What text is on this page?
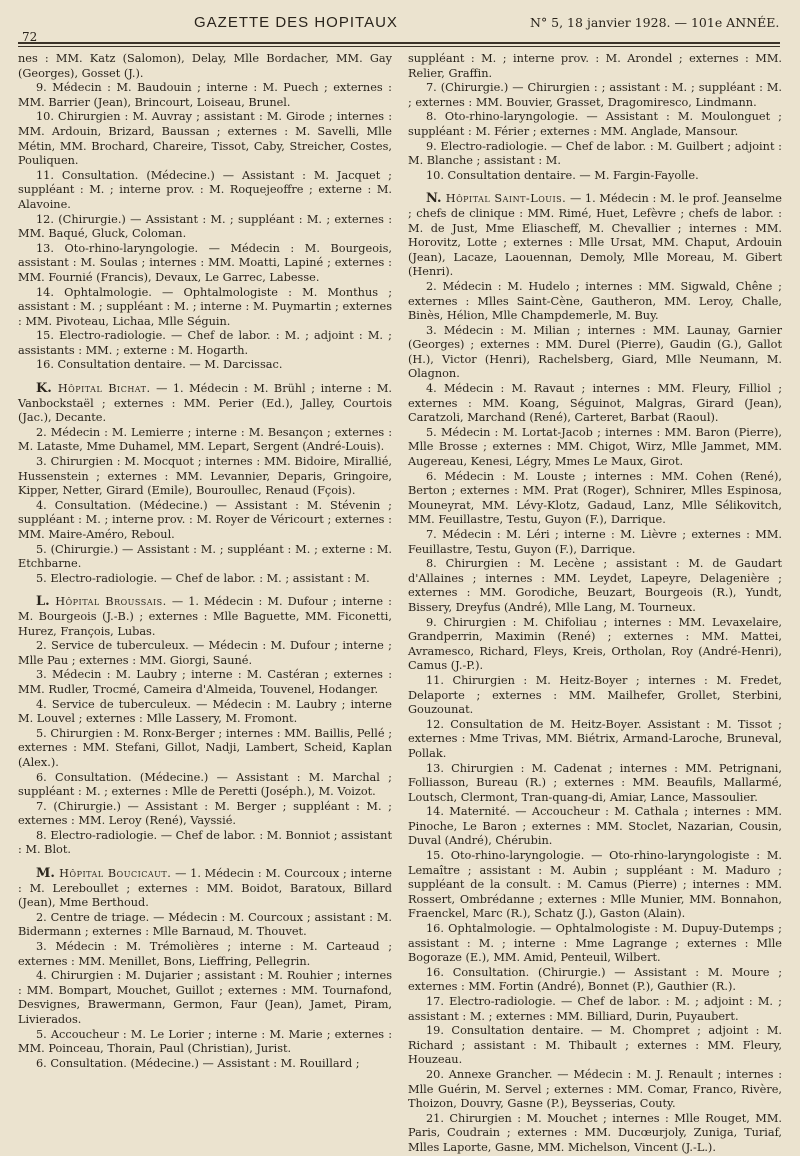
72
GAZETTE DES HOPITAUX	N° 5, 18 janvier 1928. — 101e ANNÉE.

nes : MM. Katz (Salomon), Delay, Mlle Bordacher, MM. Gay (Georges), Gosset (J.).

9. Médecin : M. Baudouin ; interne : M. Puech ; externes : MM. Barrier (Jean), Brincourt, Loiseau, Brunel.

10. Chirurgien : M. Auvray ; assistant : M. Girode ; internes : MM. Ardouin, Brizard, Baussan ; externes : M. Savelli, Mlle Métin, MM. Brochard, Chareire, Tissot, Caby, Streicher, Costes, Pouliquen.

11. Consultation. (Médecine.) — Assistant : M. Jacquet ; suppléant : M. ; interne prov. : M. Roquejeoffre ; externe : M. Alavoine.

12. (Chirurgie.) — Assistant : M. ; suppléant : M. ; externes : MM. Baqué, Gluck, Coloman.

13. Oto-rhino-laryngologie. — Médecin : M. Bourgeois, assistant : M. Soulas ; internes : MM. Moatti, Lapiné ; externes : MM. Fournié (Francis), Devaux, Le Garrec, Labesse.

14. Ophtalmologie. — Ophtalmologiste : M. Monthus ; assistant : M. ; suppléant : M. ; interne : M. Puymartin ; externes : MM. Pivoteau, Lichaa, Mlle Séguin.

15. Electro-radiologie. — Chef de labor. : M. ; adjoint : M. ; assistants : MM. ; externe : M. Hogarth.

16. Consultation dentaire. — M. Darcissac.

K. Hôpital Bichat. — 1. Médecin : M. Brühl ; interne : M. Vanbockstaël ; externes : MM. Perier (Ed.), Jalley, Courtois (Jac.), Decante.

2. Médecin : M. Lemierre ; interne : M. Besançon ; externes : M. Lataste, Mme Duhamel, MM. Lepart, Sergent (André-Louis).

3. Chirurgien : M. Mocquot ; internes : MM. Bidoire, Mirallié, Hussenstein ; externes : MM. Levannier, Deparis, Gringoire, Kipper, Netter, Girard (Emile), Bouroullec, Renaud (Fçois).

4. Consultation. (Médecine.) — Assistant : M. Stévenin ; suppléant : M. ; interne prov. : M. Royer de Véricourt ; externes : MM. Maire-Améro, Reboul.

5. (Chirurgie.) — Assistant : M. ; suppléant : M. ; externe : M. Etchbarne.

5. Electro-radiologie. — Chef de labor. : M. ; assistant : M.

L. Hôpital Broussais. — 1. Médecin : M. Dufour ; interne : M. Bourgeois (J.-B.) ; externes : Mlle Baguette, MM. Ficonetti, Hurez, François, Lubas.

2. Service de tuberculeux. — Médecin : M. Dufour ; interne ; Mlle Pau ; externes : MM. Giorgi, Sauné.

3. Médecin : M. Laubry ; interne : M. Castéran ; externes : MM. Rudler, Trocmé, Cameira d'Almeida, Touvenel, Hodanger.

4. Service de tuberculeux. — Médecin : M. Laubry ; interne M. Louvel ; externes : Mlle Lassery, M. Fromont.

5. Chirurgien : M. Ronx-Berger ; internes : MM. Baillis, Pellé ; externes : MM. Stefani, Gillot, Nadji, Lambert, Scheid, Kaplan (Alex.).

6. Consultation. (Médecine.) — Assistant : M. Marchal ; suppléant : M. ; externes : Mlle de Peretti (Joséph.), M. Voizot.

7. (Chirurgie.) — Assistant : M. Berger ; suppléant : M. ; externes : MM. Leroy (René), Vayssié.

8. Electro-radiologie. — Chef de labor. : M. Bonniot ; assistant : M. Blot.

M. Hôpital Boucicaut. — 1. Médecin : M. Courcoux ; interne : M. Lereboullet ; externes : MM. Boidot, Baratoux, Billard (Jean), Mme Berthoud.

2. Centre de triage. — Médecin : M. Courcoux ; assistant : M. Bidermann ; externes : Mlle Barnaud, M. Thouvet.

3. Médecin : M. Trémolières ; interne : M. Carteaud ; externes : MM. Menillet, Bons, Lieffring, Pellegrin.

4. Chirurgien : M. Dujarier ; assistant : M. Rouhier ; internes : MM. Bompart, Mouchet, Guillot ; externes : MM. Tournafond, Desvignes, Brawermann, Germon, Faur (Jean), Jamet, Piram, Livierados.

5. Accoucheur : M. Le Lorier ; interne : M. Marie ; externes : MM. Poinceau, Thorain, Paul (Christian), Jurist.

6. Consultation. (Médecine.) — Assistant : M. Rouillard ;

suppléant : M. ; interne prov. : M. Arondel ; externes : MM. Relier, Graffin.

7. (Chirurgie.) — Chirurgien : ; assistant : M. ; suppléant : M. ; externes : MM. Bouvier, Grasset, Dragomiresco, Lindmann.

8. Oto-rhino-laryngologie. — Assistant : M. Moulonguet ; suppléant : M. Férier ; externes : MM. Anglade, Mansour.

9. Electro-radiologie. — Chef de labor. : M. Guilbert ; adjoint : M. Blanche ; assistant : M.

10. Consultation dentaire. — M. Fargin-Fayolle.

N. Hôpital Saint-Louis. — 1. Médecin : M. le prof. Jeanselme ; chefs de clinique : MM. Rimé, Huet, Lefèvre ; chefs de labor. : M. de Just, Mme Eliascheff, M. Chevallier ; internes : MM. Horovitz, Lotte ; externes : Mlle Ursat, MM. Chaput, Ardouin (Jean), Lacaze, Laouennan, Demoly, Mlle Moreau, M. Gibert (Henri).

2. Médecin : M. Hudelo ; internes : MM. Sigwald, Chêne ; externes : Mlles Saint-Cène, Gautheron, MM. Leroy, Challe, Binès, Hélion, Mlle Champdemerle, M. Buy.

3. Médecin : M. Milian ; internes : MM. Launay, Garnier (Georges) ; externes : MM. Durel (Pierre), Gaudin (G.), Gallot (H.), Victor (Henri), Rachelsberg, Giard, Mlle Neumann, M. Olagnon.

4. Médecin : M. Ravaut ; internes : MM. Fleury, Filliol ; externes : MM. Koang, Séguinot, Malgras, Girard (Jean), Caratzoli, Marchand (René), Carteret, Barbat (Raoul).

5. Médecin : M. Lortat-Jacob ; internes : MM. Baron (Pierre), Mlle Brosse ; externes : MM. Chigot, Wirz, Mlle Jammet, MM. Augereau, Kenesi, Légry, Mmes Le Maux, Girot.

6. Médecin : M. Louste ; internes : MM. Cohen (René), Berton ; externes : MM. Prat (Roger), Schnirer, Mlles Espinosa, Mouneyrat, MM. Lévy-Klotz, Gadaud, Lanz, Mlle Sélikovitch, MM. Feuillastre, Testu, Guyon (F.), Darrique.

7. Médecin : M. Léri ; interne : M. Lièvre ; externes : MM. Feuillastre, Testu, Guyon (F.), Darrique.

8. Chirurgien : M. Lecène ; assistant : M. de Gaudart d'Allaines ; internes : MM. Leydet, Lapeyre, Delagenière ; externes : MM. Gorodiche, Beuzart, Bourgeois (R.), Yundt, Bissery, Dreyfus (André), Mlle Lang, M. Tourneux.

9. Chirurgien : M. Chifoliau ; internes : MM. Levaxelaire, Grandperrin, Maximin (René) ; externes : MM. Mattei, Avramesco, Richard, Fleys, Kreis, Ortholan, Roy (André-Henri), Camus (J.-P.).

11. Chirurgien : M. Heitz-Boyer ; internes : M. Fredet, Delaporte ; externes : MM. Mailhefer, Grollet, Sterbini, Gouzounat.

12. Consultation de M. Heitz-Boyer. Assistant : M. Tissot ; externes : Mme Trivas, MM. Biétrix, Armand-Laroche, Bruneval, Pollak.

13. Chirurgien : M. Cadenat ; internes : MM. Petrignani, Folliasson, Bureau (R.) ; externes : MM. Beaufils, Mallarmé, Loutsch, Clermont, Tran-quang-di, Amiar, Lance, Massoulier.

14. Maternité. — Accoucheur : M. Cathala ; internes : MM. Pinoche, Le Baron ; externes : MM. Stoclet, Nazarian, Cousin, Duval (André), Chérubin.

15. Oto-rhino-laryngologie. — Oto-rhino-laryngologiste : M. Lemaître ; assistant : M. Aubin ; suppléant : M. Maduro ; suppléant de la consult. : M. Camus (Pierre) ; internes : MM. Rossert, Ombrédanne ; externes : Mlle Munier, MM. Bonnahon, Fraenckel, Marc (R.), Schatz (J.), Gaston (Alain).

16. Ophtalmologie. — Ophtalmologiste : M. Dupuy-Dutemps ; assistant : M. ; interne : Mme Lagrange ; externes : Mlle Bogoraze (E.), MM. Amid, Penteuil, Wilbert.

16. Consultation. (Chirurgie.) — Assistant : M. Moure ; externes : MM. Fortin (André), Bonnet (P.), Gauthier (R.).

17. Electro-radiologie. — Chef de labor. : M. ; adjoint : M. ; assistant : M. ; externes : MM. Billiard, Durin, Puyaubert.

19. Consultation dentaire. — M. Chompret ; adjoint : M. Richard ; assistant : M. Thibault ; externes : MM. Fleury, Houzeau.

20. Annexe Grancher. — Médecin : M. J. Renault ; internes : Mlle Guérin, M. Servel ; externes : MM. Comar, Franco, Rivère, Thoizon, Douvry, Gasne (P.), Beysserias, Couty.

21. Chirurgien : M. Mouchet ; internes : Mlle Rouget, MM. Paris, Coudrain ; externes : MM. Ducœurjoly, Zuniga, Turiaf, Mlles Laporte, Gasne, MM. Michelson, Vincent (J.-L.).
